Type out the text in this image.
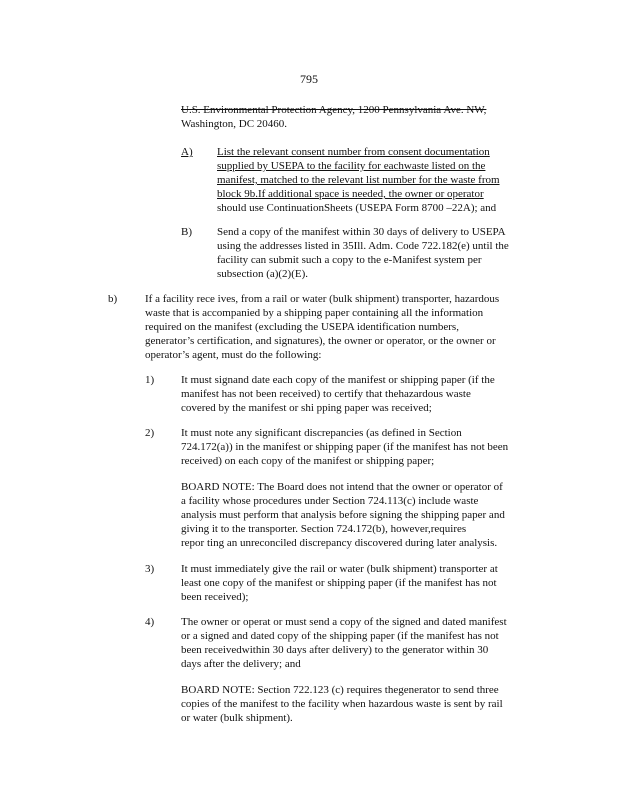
795
U.S. Environmental Protection Agency, 1200 Pennsylvania Ave. NW,
Washington, DC 20460.
A) List the relevant consent number from consent documentation
supplied by USEPA to the facility for eachwaste listed on the
manifest, matched to the relevant list number for the waste from
block 9b.If additional space is needed, the owner or operator
should use ContinuationSheets (USEPA Form 8700 –22A); and
B) Send a copy of the manifest within 30 days of delivery to USEPA
using the addresses listed in 35Ill. Adm. Code 722.182(e) until the
facility can submit such a copy to the e-Manifest system per
subsection (a)(2)(E).
b)	If a facility rece ives, from a rail or water (bulk shipment) transporter, hazardous
waste that is accompanied by a shipping paper containing all the information
required on the manifest (excluding the USEPA identification numbers,
generator’s certification, and signatures), the owner or operator, or the owner or
operator’s agent, must do the following:
1) It must signand date each copy of the manifest or shipping paper (if the
manifest has not been received) to certify that thehazardous waste
covered by the manifest or shi pping paper was received;
2) It must note any significant discrepancies (as defined in Section
724.172(a)) in the manifest or shipping paper (if the manifest has not been
received) on each copy of the manifest or shipping paper;
BOARD NOTE: The Board does not intend that the owner or operator of
a facility whose procedures under Section 724.113(c) include waste
analysis must perform that analysis before signing the shipping paper and
giving it to the transporter. Section 724.172(b), however,requires
repor ting an unreconciled discrepancy discovered during later analysis.
3) It must immediately give the rail or water (bulk shipment) transporter at
least one copy of the manifest or shipping paper (if the manifest has not
been received);
4) The owner or operat or must send a copy of the signed and dated manifest
or a signed and dated copy of the shipping paper (if the manifest has not
been receivedwithin 30 days after delivery) to the generator within 30
days after the delivery; and
BOARD NOTE: Section 722.123 (c) requires thegenerator to send three
copies of the manifest to the facility when hazardous waste is sent by rail
or water (bulk shipment).
